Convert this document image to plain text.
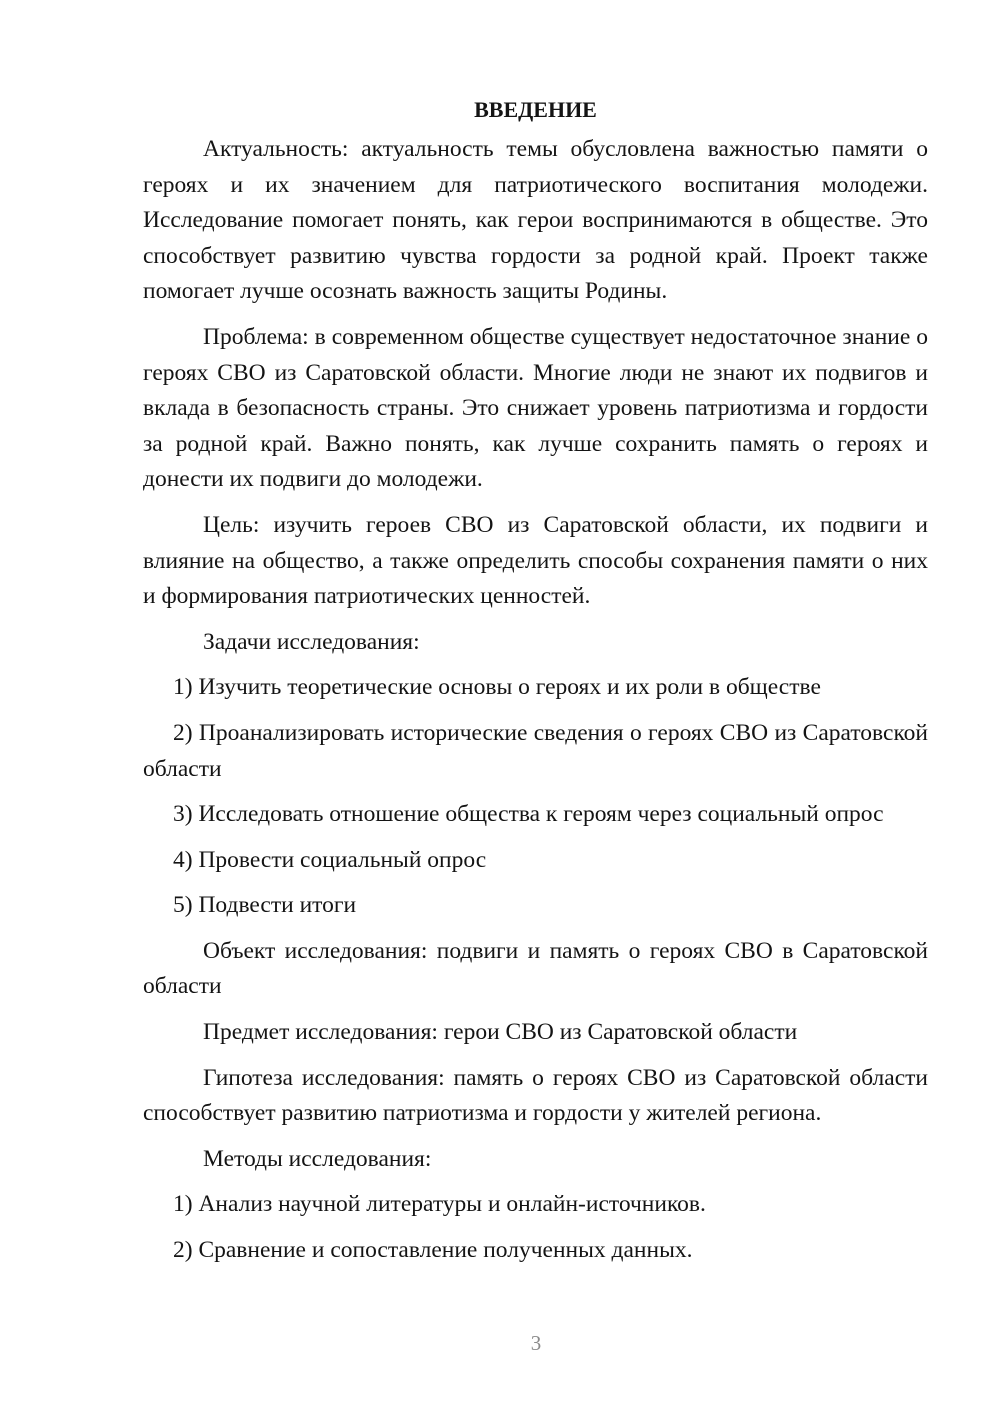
ВВЕДЕНИЕ

Актуальность: актуальность темы обусловлена важностью памяти о героях и их значением для патриотического воспитания молодежи. Исследование помогает понять, как герои воспринимаются в обществе. Это способствует развитию чувства гордости за родной край. Проект также помогает лучше осознать важность защиты Родины.

Проблема: в современном обществе существует недостаточное знание о героях СВО из Саратовской области. Многие люди не знают их подвигов и вклада в безопасность страны. Это снижает уровень патриотизма и гордости за родной край. Важно понять, как лучше сохранить память о героях и донести их подвиги до молодежи.

Цель: изучить героев СВО из Саратовской области, их подвиги и влияние на общество, а также определить способы сохранения памяти о них и формирования патриотических ценностей.

Задачи исследования:

1) Изучить теоретические основы о героях и их роли в обществе

2) Проанализировать исторические сведения о героях СВО из Саратовской области

3) Исследовать отношение общества к героям через социальный опрос

4) Провести социальный опрос

5) Подвести итоги

Объект исследования: подвиги и память о героях СВО в Саратовской области

Предмет исследования: герои СВО из Саратовской области

Гипотеза исследования: память о героях СВО из Саратовской области способствует развитию патриотизма и гордости у жителей региона.

Методы исследования:

1) Анализ научной литературы и онлайн-источников.

2) Сравнение и сопоставление полученных данных.

3
